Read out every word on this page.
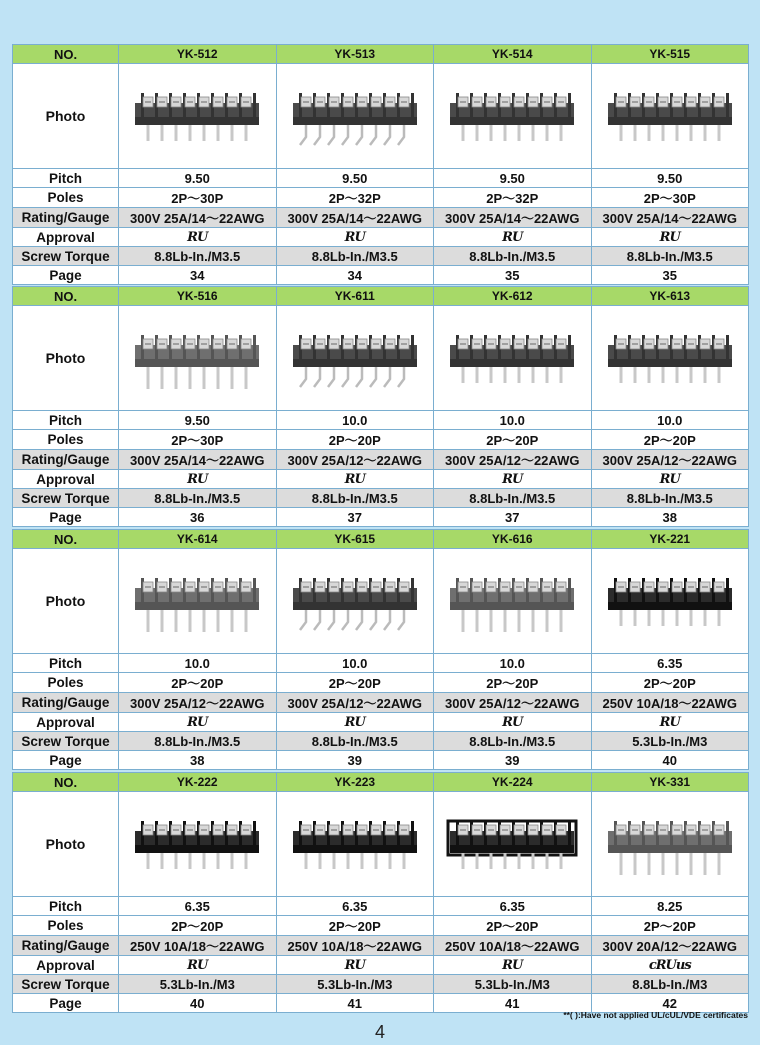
NO.	YK-512	YK-513	YK-514	YK-515
Photo	

Pitch	9.50	9.50	9.50	9.50
Poles	2P～30P	2P～32P	2P～32P	2P～30P
Rating/Gauge	300V 25A/14～22AWG	300V 25A/14～22AWG	300V 25A/14～22AWG	300V 25A/14～22AWG
Approval	RU	RU	RU	RU
Screw Torque	8.8Lb-In./M3.5	8.8Lb-In./M3.5	8.8Lb-In./M3.5	8.8Lb-In./M3.5
Page	34	34	35	35
NO.	YK-516	YK-611	YK-612	YK-613
Photo	

Pitch	9.50	10.0	10.0	10.0
Poles	2P～30P	2P～20P	2P～20P	2P～20P
Rating/Gauge	300V 25A/14～22AWG	300V 25A/12～22AWG	300V 25A/12～22AWG	300V 25A/12～22AWG
Approval	RU	RU	RU	RU
Screw Torque	8.8Lb-In./M3.5	8.8Lb-In./M3.5	8.8Lb-In./M3.5	8.8Lb-In./M3.5
Page	36	37	37	38
NO.	YK-614	YK-615	YK-616	YK-221
Photo	

Pitch	10.0	10.0	10.0	6.35
Poles	2P～20P	2P～20P	2P～20P	2P～20P
Rating/Gauge	300V 25A/12～22AWG	300V 25A/12～22AWG	300V 25A/12～22AWG	250V 10A/18～22AWG
Approval	RU	RU	RU	RU
Screw Torque	8.8Lb-In./M3.5	8.8Lb-In./M3.5	8.8Lb-In./M3.5	5.3Lb-In./M3
Page	38	39	39	40
NO.	YK-222	YK-223	YK-224	YK-331
Photo	

Pitch	6.35	6.35	6.35	8.25
Poles	2P～20P	2P～20P	2P～20P	2P～20P
Rating/Gauge	250V 10A/18～22AWG	250V 10A/18～22AWG	250V 10A/18～22AWG	300V 20A/12～22AWG
Approval	RU	RU	RU	cRUus
Screw Torque	5.3Lb-In./M3	5.3Lb-In./M3	5.3Lb-In./M3	8.8Lb-In./M3
Page	40	41	41	42
**( ):Have not applied UL/cUL/VDE certificates
4
